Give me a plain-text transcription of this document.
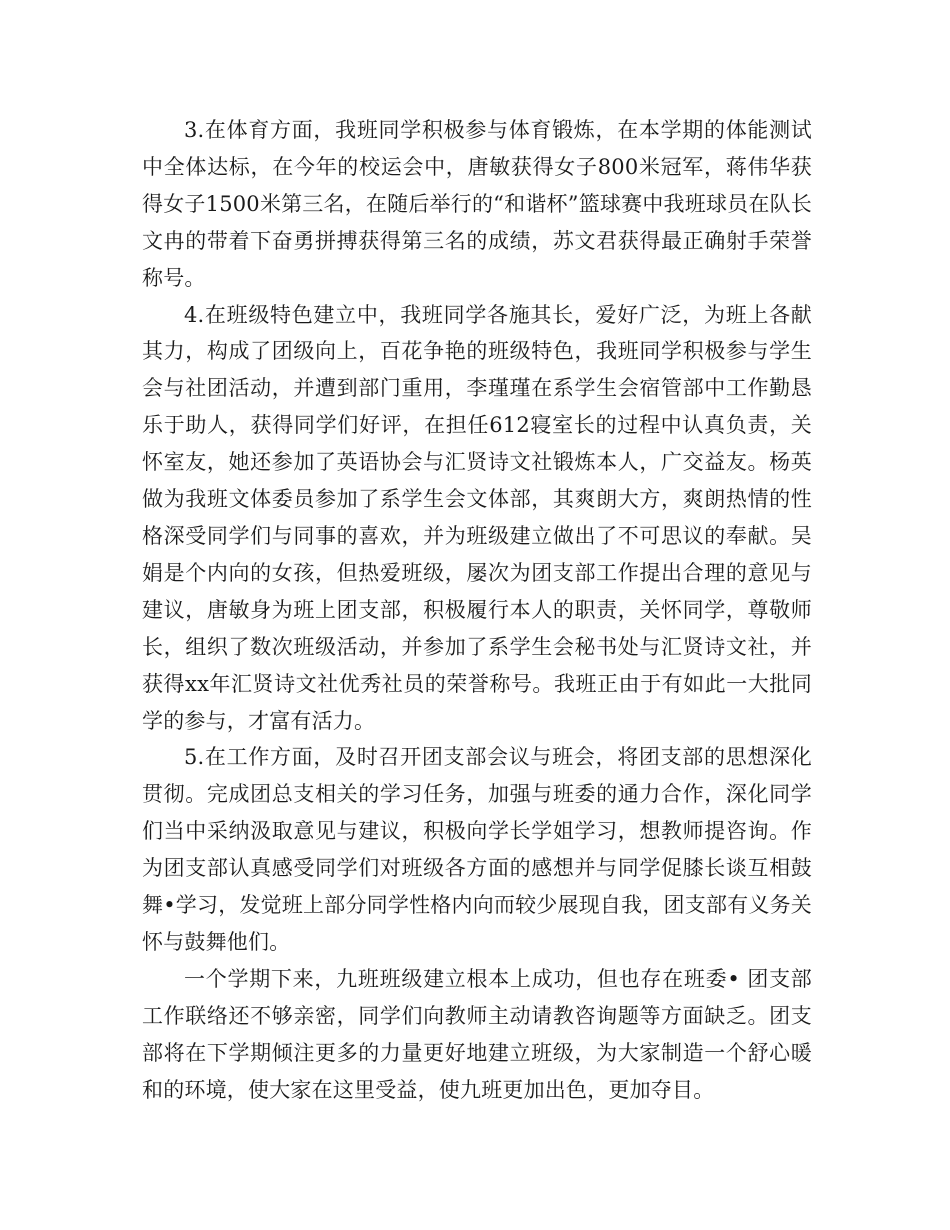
3.在体育方面，我班同学积极参与体育锻炼，在本学期的体能测试中全体达标，在今年的校运会中，唐敏获得女子800米冠军，蒋伟华获得女子1500米第三名，在随后举行的“和谐杯”篮球赛中我班球员在队长文冉的带着下奋勇拼搏获得第三名的成绩，苏文君获得最正确射手荣誉称号。

4.在班级特色建立中，我班同学各施其长，爱好广泛，为班上各献其力，构成了团级向上，百花争艳的班级特色，我班同学积极参与学生会与社团活动，并遭到部门重用，李瑾瑾在系学生会宿管部中工作勤恳乐于助人，获得同学们好评，在担任612寝室长的过程中认真负责，关怀室友，她还参加了英语协会与汇贤诗文社锻炼本人，广交益友。杨英做为我班文体委员参加了系学生会文体部，其爽朗大方，爽朗热情的性格深受同学们与同事的喜欢，并为班级建立做出了不可思议的奉献。吴娟是个内向的女孩，但热爱班级，屡次为团支部工作提出合理的意见与建议，唐敏身为班上团支部，积极履行本人的职责，关怀同学，尊敬师长，组织了数次班级活动，并参加了系学生会秘书处与汇贤诗文社，并获得xx年汇贤诗文社优秀社员的荣誉称号。我班正由于有如此一大批同学的参与，才富有活力。

5.在工作方面，及时召开团支部会议与班会，将团支部的思想深化贯彻。完成团总支相关的学习任务，加强与班委的通力合作，深化同学们当中采纳汲取意见与建议，积极向学长学姐学习，想教师提咨询。作为团支部认真感受同学们对班级各方面的感想并与同学促膝长谈互相鼓舞•学习，发觉班上部分同学性格内向而较少展现自我，团支部有义务关怀与鼓舞他们。

一个学期下来，九班班级建立根本上成功，但也存在班委• 团支部工作联络还不够亲密，同学们向教师主动请教咨询题等方面缺乏。团支部将在下学期倾注更多的力量更好地建立班级，为大家制造一个舒心暖和的环境，使大家在这里受益，使九班更加出色，更加夺目。
